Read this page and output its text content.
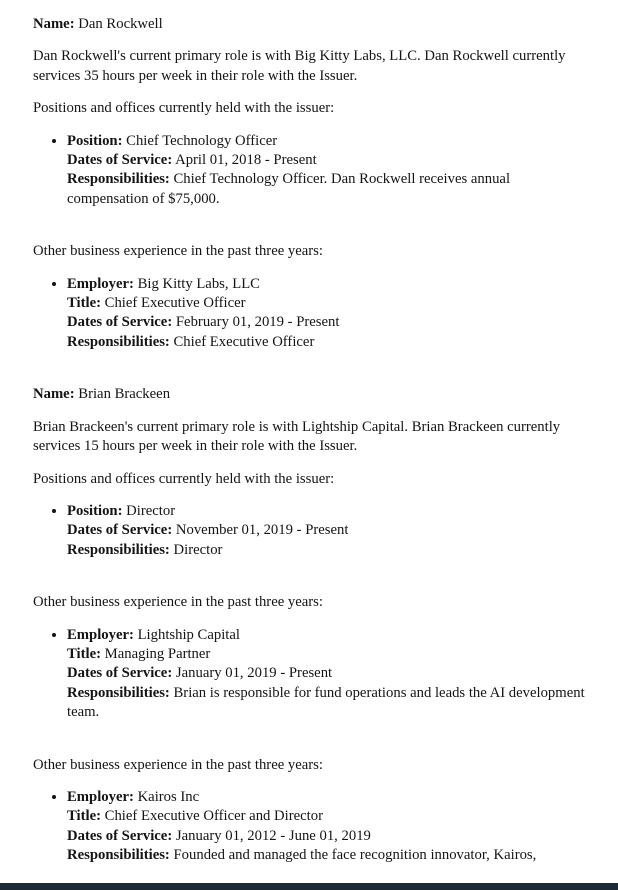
Name: Dan Rockwell

Dan Rockwell's current primary role is with Big Kitty Labs, LLC. Dan Rockwell currently services 35 hours per week in their role with the Issuer.

Positions and offices currently held with the issuer:

• Position: Chief Technology Officer
Dates of Service: April 01, 2018 - Present
Responsibilities: Chief Technology Officer. Dan Rockwell receives annual compensation of $75,000.

Other business experience in the past three years:

• Employer: Big Kitty Labs, LLC
Title: Chief Executive Officer
Dates of Service: February 01, 2019 - Present
Responsibilities: Chief Executive Officer

Name: Brian Brackeen

Brian Brackeen's current primary role is with Lightship Capital. Brian Brackeen currently services 15 hours per week in their role with the Issuer.

Positions and offices currently held with the issuer:

• Position: Director
Dates of Service: November 01, 2019 - Present
Responsibilities: Director

Other business experience in the past three years:

• Employer: Lightship Capital
Title: Managing Partner
Dates of Service: January 01, 2019 - Present
Responsibilities: Brian is responsible for fund operations and leads the AI development team.

Other business experience in the past three years:

• Employer: Kairos Inc
Title: Chief Executive Officer and Director
Dates of Service: January 01, 2012 - June 01, 2019
Responsibilities: Founded and managed the face recognition innovator, Kairos,
